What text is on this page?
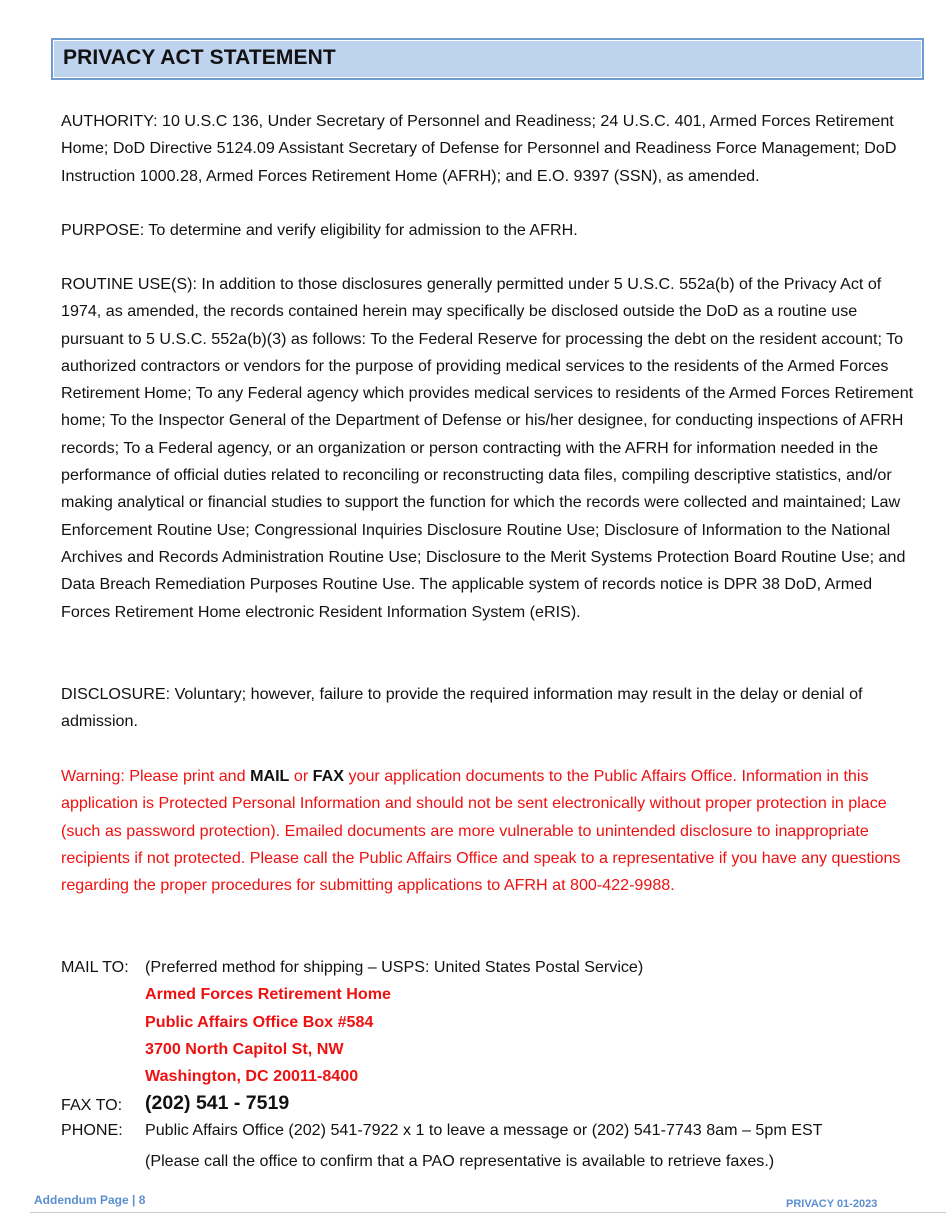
PRIVACY ACT STATEMENT

AUTHORITY: 10 U.S.C 136, Under Secretary of Personnel and Readiness; 24 U.S.C. 401, Armed Forces Retirement Home; DoD Directive 5124.09 Assistant Secretary of Defense for Personnel and Readiness Force Management; DoD Instruction 1000.28, Armed Forces Retirement Home (AFRH); and E.O. 9397 (SSN), as amended.

PURPOSE: To determine and verify eligibility for admission to the AFRH.

ROUTINE USE(S): In addition to those disclosures generally permitted under 5 U.S.C. 552a(b) of the Privacy Act of 1974, as amended, the records contained herein may specifically be disclosed outside the DoD as a routine use pursuant to 5 U.S.C. 552a(b)(3) as follows: To the Federal Reserve for processing the debt on the resident account; To authorized contractors or vendors for the purpose of providing medical services to the residents of the Armed Forces Retirement Home; To any Federal agency which provides medical services to residents of the Armed Forces Retirement home; To the Inspector General of the Department of Defense or his/her designee, for conducting inspections of AFRH records; To a Federal agency, or an organization or person contracting with the AFRH for information needed in the performance of official duties related to reconciling or reconstructing data files, compiling descriptive statistics, and/or making analytical or financial studies to support the function for which the records were collected and maintained; Law Enforcement Routine Use; Congressional Inquiries Disclosure Routine Use; Disclosure of Information to the National Archives and Records Administration Routine Use; Disclosure to the Merit Systems Protection Board Routine Use; and Data Breach Remediation Purposes Routine Use. The applicable system of records notice is DPR 38 DoD, Armed Forces Retirement Home electronic Resident Information System (eRIS).

DISCLOSURE: Voluntary; however, failure to provide the required information may result in the delay or denial of admission.

Warning: Please print and MAIL or FAX your application documents to the Public Affairs Office. Information in this application is Protected Personal Information and should not be sent electronically without proper protection in place (such as password protection). Emailed documents are more vulnerable to unintended disclosure to inappropriate recipients if not protected. Please call the Public Affairs Office and speak to a representative if you have any questions regarding the proper procedures for submitting applications to AFRH at 800-422-9988.

MAIL TO: (Preferred method for shipping – USPS: United States Postal Service)
Armed Forces Retirement Home
Public Affairs Office Box #584
3700 North Capitol St, NW
Washington, DC 20011-8400
FAX TO: (202) 541 - 7519
PHONE: Public Affairs Office (202) 541-7922 x 1 to leave a message or (202) 541-7743 8am – 5pm EST
(Please call the office to confirm that a PAO representative is available to retrieve faxes.)
Addendum Page | 8	PRIVACY 01-2023
